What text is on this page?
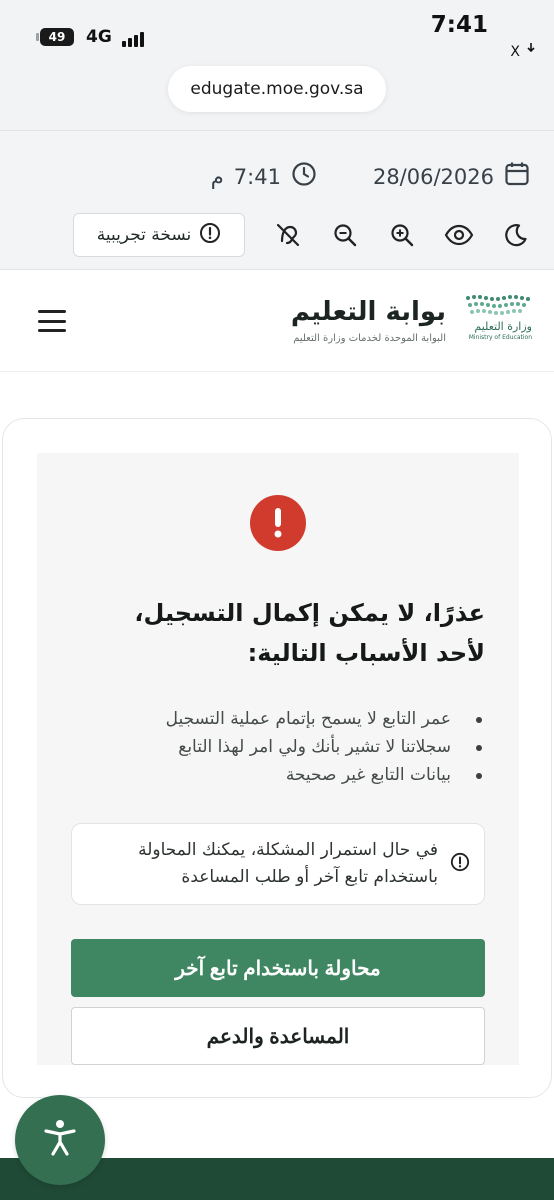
49	4G	7:41
X
edugate.moe.gov.sa
28/06/2026
7:41
م
نسخة تجريبية
وزارة التعليم
Ministry of Education
بوابة التعليم
البوابة الموحدة لخدمات وزارة التعليم
عذرًا، لا يمكن إكمال التسجيل، لأحد الأسباب التالية:
عمر التابع لا يسمح بإتمام عملية التسجيل
سجلاتنا لا تشير بأنك ولي امر لهذا التابع
بيانات التابع غير صحيحة
في حال استمرار المشكلة، يمكنك المحاولة باستخدام تابع آخر أو طلب المساعدة
محاولة باستخدام تابع آخر
المساعدة والدعم
